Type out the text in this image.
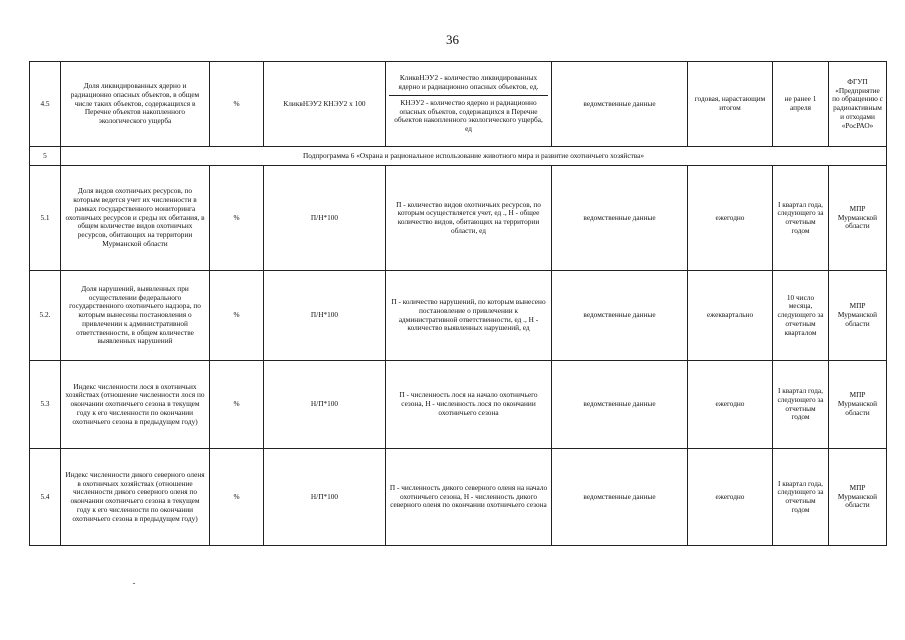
36
4.5	Доля ликвидированных ядерно и радиационно опасных объектов, в общем числе таких объектов, содержащихся в Перечне объектов накопленного экологического ущерба	%	КликвНЭУ2 КНЭУ2 х 100	КликвНЭУ2 - количество ликвидированных ядерно и радиационно опасных объектов, ед.
КНЭУ2 - количество ядерно и радиационно опасных объектов, содержащихся в Перечне объектов накопленного экологического ущерба, ед	ведомственные данные	годовая, нарастающим итогом	не ранее 1 апреля	ФГУП «Предприятие по обращению с радиоактивными отходами «РосРАО»
5	Подпрограмма 6 «Охрана и рациональное использование животного мира и развитие охотничьего хозяйства»							
5.1	Доля видов охотничьих ресурсов, по которым ведется учет их численности в рамках государственного мониторинга охотничьих ресурсов и среды их обитания, в общем количестве видов охотничьих ресурсов, обитающих на территории Мурманской области	%	П/Н*100	П - количество видов охотничьих ресурсов, по которым осуществляется учет, ед ., Н - общее количество видов, обитающих на территории области, ед	ведомственные данные	ежегодно	I квартал года, следующего за отчетным годом	МПР Мурманской области
5.2.	Доля нарушений, выявленных при осуществлении федерального государственного охотничьего надзора, по которым вынесены постановления о привлечении к административной ответственности, в общем количестве выявленных нарушений	%	П/Н*100	П - количество нарушений, по которым вынесено постановление о привлечении к административной ответственности, ед ., Н - количество выявленных нарушений, ед	ведомственные данные	ежеквартально	10 число месяца, следующего за отчетным кварталом	МПР Мурманской области
5.3	Индекс численности лося в охотничьих хозяйствах (отношение численности лося по окончании охотничьего сезона в текущем году к его численности по окончании охотничьего сезона в предыдущем году)	%	Н/П*100	П - численность лося на начало охотничьего сезона, Н - численность лося по окончании охотничьего сезона	ведомственные данные	ежегодно	I квартал года, следующего за отчетным годом	МПР Мурманской области
5.4	Индекс численности дикого северного оленя в охотничьих хозяйствах (отношение численности дикого северного оленя по окончании охотничьего сезона в текущем году к его численности по окончании охотничьего сезона в предыдущем году)	%	Н/П*100	П - численность дикого северного оленя на начало охотничьего сезона, Н - численность дикого северного оленя по окончании охотничьего сезона	ведомственные данные	ежегодно	I квартал года, следующего за отчетным годом	МПР Мурманской области
